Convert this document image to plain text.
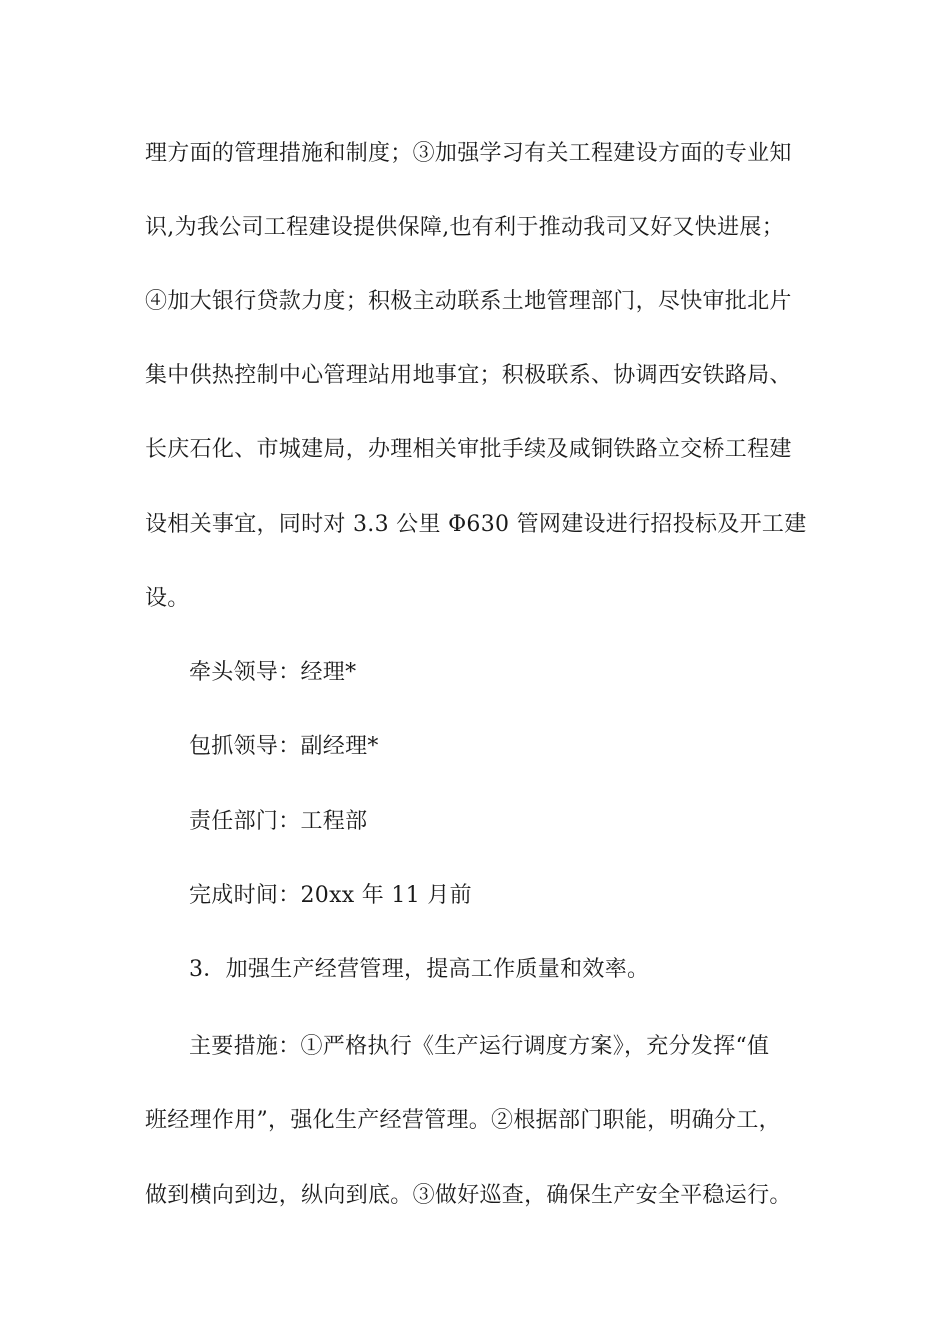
理方面的管理措施和制度；③加强学习有关工程建设方面的专业知
识,为我公司工程建设提供保障,也有利于推动我司又好又快进展；
④加大银行贷款力度；积极主动联系土地管理部门，尽快审批北片
集中供热控制中心管理站用地事宜；积极联系、协调西安铁路局、
长庆石化、市城建局，办理相关审批手续及咸铜铁路立交桥工程建
设相关事宜，同时对 3.3 公里 Φ630 管网建设进行招投标及开工建
设。
牵头领导：经理*
包抓领导：副经理*
责任部门：工程部
完成时间：20xx 年 11 月前
3．加强生产经营管理，提高工作质量和效率。
主要措施：①严格执行《生产运行调度方案》，充分发挥“值
班经理作用”，强化生产经营管理。②根据部门职能，明确分工，
做到横向到边，纵向到底。③做好巡查，确保生产安全平稳运行。
